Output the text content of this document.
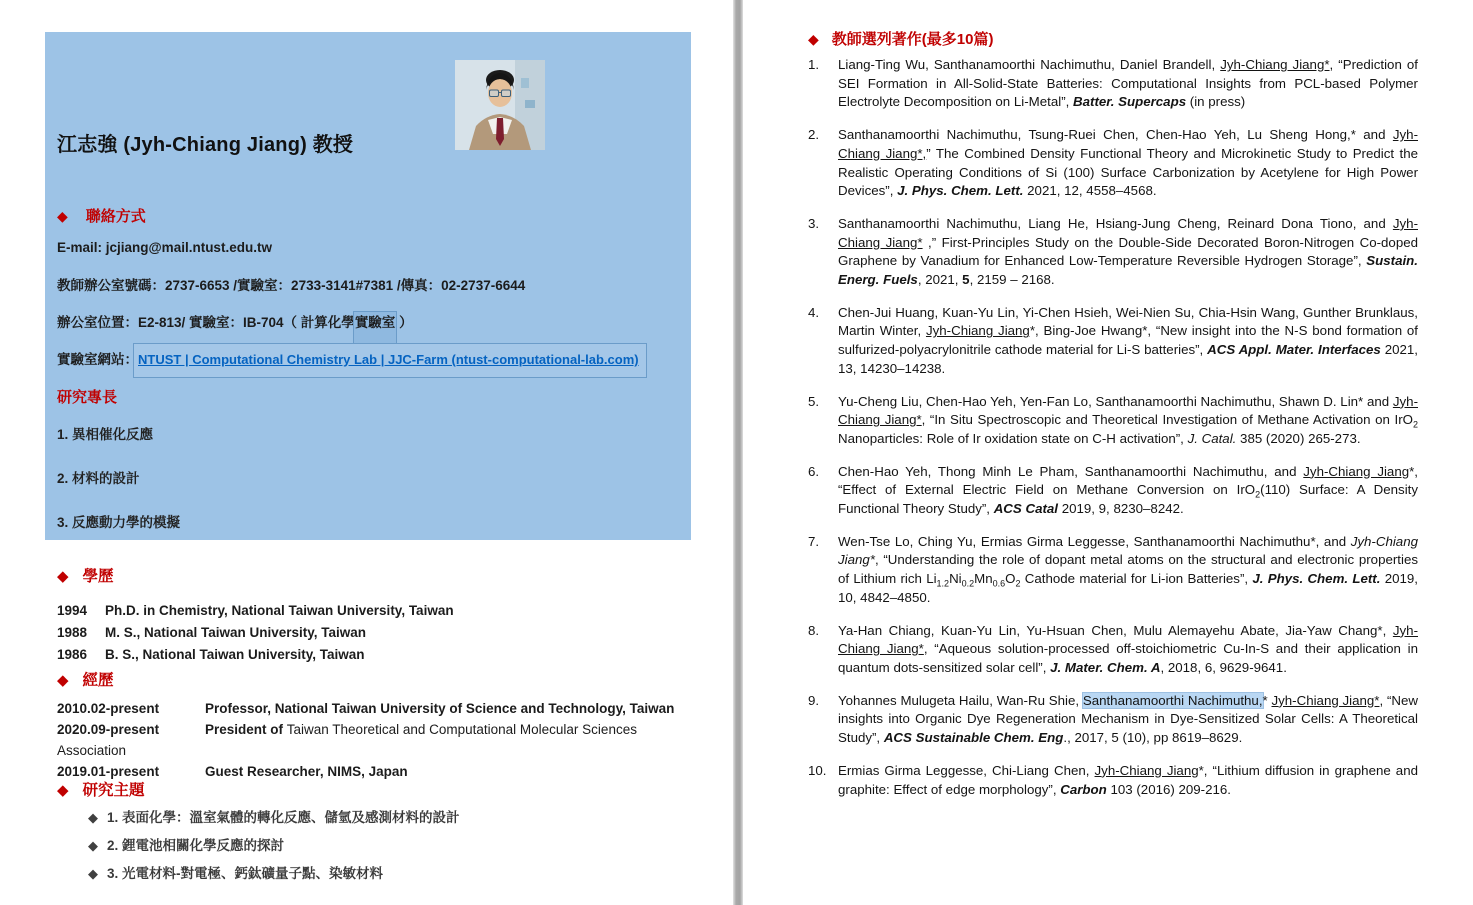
江志強 (Jyh-Chiang Jiang) 教授
◆ 聯絡方式
E-mail: jcjiang@mail.ntust.edu.tw
教師辦公室號碼：2737-6653 /實驗室：2733-3141#7381 /傳真：02-2737-6644
辦公室位置：E2-813/ 實驗室：IB-704（ 計算化學實驗室 ）
實驗室網站：NTUST | Computational Chemistry Lab | JJC-Farm (ntust-computational-lab.com)
研究專長
1. 異相催化反應
2. 材料的設計
3. 反應動力學的模擬
◆ 學歷
1994	Ph.D. in Chemistry, National Taiwan University, Taiwan
1988	M. S., National Taiwan University, Taiwan
1986	B. S., National Taiwan University, Taiwan
◆ 經歷
2010.02-present	Professor, National Taiwan University of Science and Technology, Taiwan
2020.09-present	President of Taiwan Theoretical and Computational Molecular Sciences
Association
2019.01-present	Guest Researcher, NIMS, Japan
◆ 研究主題
◆ 1. 表面化學：溫室氣體的轉化反應、儲氫及感測材料的設計
◆ 2. 鋰電池相關化學反應的探討
◆ 3. 光電材料-對電極、鈣鈦礦量子點、染敏材料
◆ 教師選列著作(最多10篇)
1.	Liang-Ting Wu, Santhanamoorthi Nachimuthu, Daniel Brandell, Jyh-Chiang Jiang*, “Prediction of SEI Formation in All-Solid-State Batteries: Computational Insights from PCL-based Polymer Electrolyte Decomposition on Li-Metal”, Batter. Supercaps (in press)
2.	Santhanamoorthi Nachimuthu, Tsung-Ruei Chen, Chen-Hao Yeh, Lu Sheng Hong,* and Jyh-Chiang Jiang*,” The Combined Density Functional Theory and Microkinetic Study to Predict the Realistic Operating Conditions of Si (100) Surface Carbonization by Acetylene for High Power Devices”, J. Phys. Chem. Lett. 2021, 12, 4558–4568.
3.	Santhanamoorthi Nachimuthu, Liang He, Hsiang-Jung Cheng, Reinard Dona Tiono, and Jyh-Chiang Jiang* ,” First-Principles Study on the Double-Side Decorated Boron-Nitrogen Co-doped Graphene by Vanadium for Enhanced Low-Temperature Reversible Hydrogen Storage”, Sustain. Energ. Fuels, 2021, 5, 2159 – 2168.
4.	Chen-Jui Huang, Kuan-Yu Lin, Yi-Chen Hsieh, Wei-Nien Su, Chia-Hsin Wang, Gunther Brunklaus, Martin Winter, Jyh-Chiang Jiang*, Bing-Joe Hwang*, “New insight into the N-S bond formation of sulfurized-polyacrylonitrile cathode material for Li-S batteries”, ACS Appl. Mater. Interfaces 2021, 13, 14230–14238.
5.	Yu-Cheng Liu, Chen-Hao Yeh, Yen-Fan Lo, Santhanamoorthi Nachimuthu, Shawn D. Lin* and Jyh-Chiang Jiang*, “In Situ Spectroscopic and Theoretical Investigation of Methane Activation on IrO$_2$ Nanoparticles: Role of Ir oxidation state on C-H activation”, J. Catal. 385 (2020) 265-273.
6.	Chen-Hao Yeh, Thong Minh Le Pham, Santhanamoorthi Nachimuthu, and Jyh-Chiang Jiang*, “Effect of External Electric Field on Methane Conversion on IrO$_2$(110) Surface: A Density Functional Theory Study”, ACS Catal 2019, 9, 8230–8242.
7.	Wen-Tse Lo, Ching Yu, Ermias Girma Leggesse, Santhanamoorthi Nachimuthu*, and Jyh-Chiang Jiang*, “Understanding the role of dopant metal atoms on the structural and electronic properties of Lithium rich $Li_{1.2}Ni_{0.2}Mn_{0.6}O_2$ Cathode material for Li-ion Batteries”, J. Phys. Chem. Lett. 2019, 10, 4842–4850.
8.	Ya-Han Chiang, Kuan-Yu Lin, Yu-Hsuan Chen, Mulu Alemayehu Abate, Jia-Yaw Chang*, Jyh-Chiang Jiang*, “Aqueous solution-processed off-stoichiometric Cu-In-S and their application in quantum dots-sensitized solar cell”, J. Mater. Chem. A, 2018, 6, 9629-9641.
9.	Yohannes Mulugeta Hailu, Wan-Ru Shie, Santhanamoorthi Nachimuthu,* Jyh-Chiang Jiang*, “New insights into Organic Dye Regeneration Mechanism in Dye-Sensitized Solar Cells: A Theoretical Study”, ACS Sustainable Chem. Eng., 2017, 5 (10), pp 8619–8629.
10. Ermias Girma Leggesse, Chi-Liang Chen, Jyh-Chiang Jiang*, “Lithium diffusion in graphene and graphite: Effect of edge morphology”, Carbon 103 (2016) 209-216.
